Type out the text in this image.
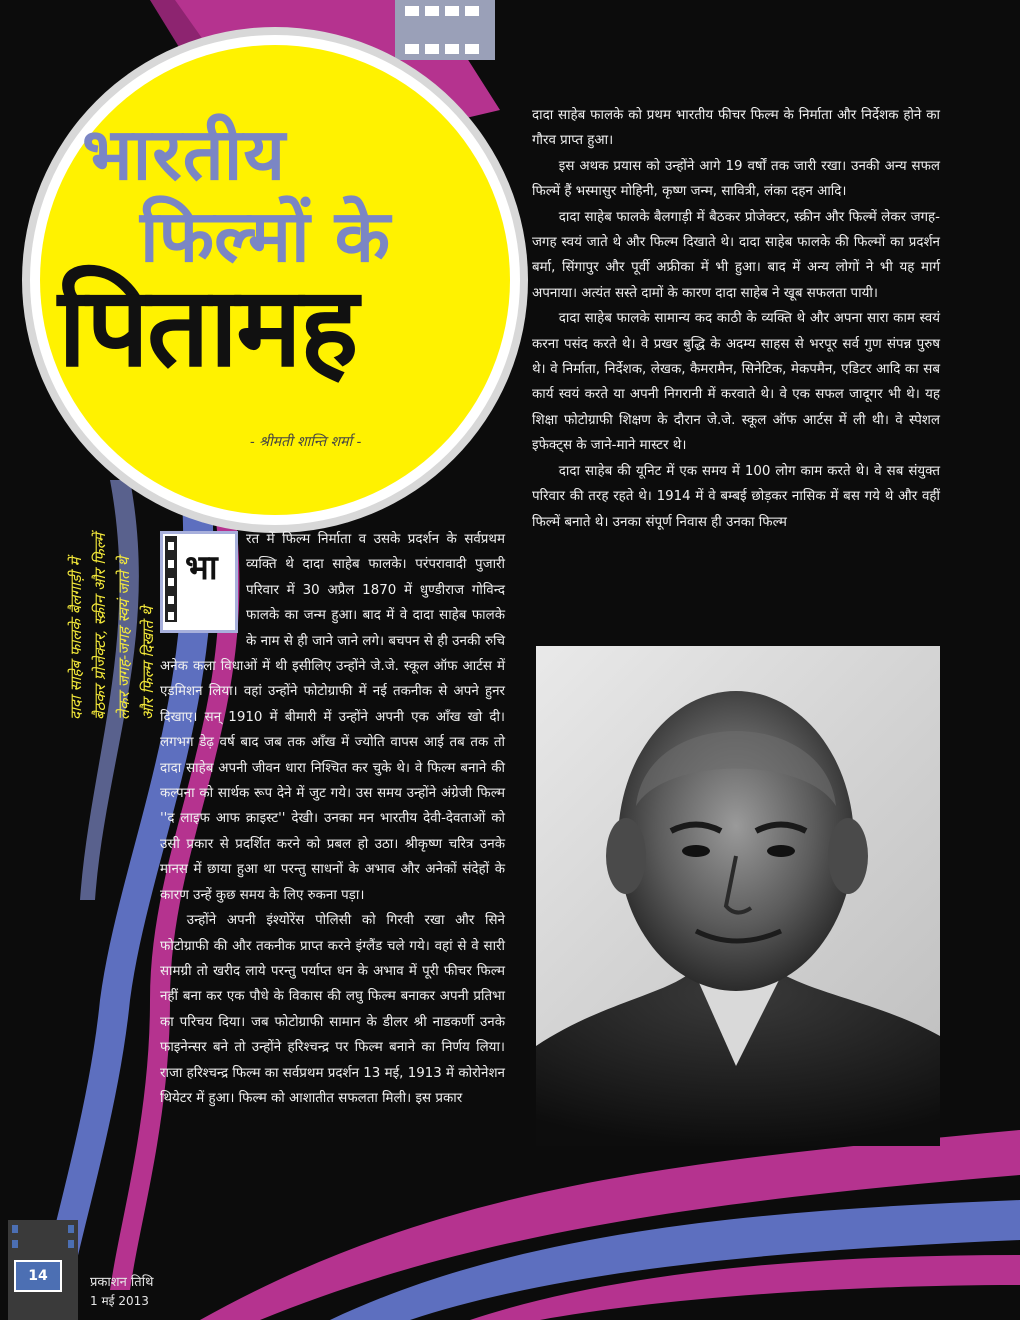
भारतीय
फिल्मों के
पितामह
- श्रीमती शान्ति शर्मा -
दादा साहेब फालके बैलगाड़ी में बैठकर प्रोजेक्टर, स्क्रीन और फिल्में लेकर जगह-जगह स्वयं जाते थे और फिल्म दिखाते थे
भा

रत में फिल्म निर्माता व उसके प्रदर्शन के सर्वप्रथम व्यक्ति थे दादा साहेब फालके। परंपरावादी पुजारी परिवार में 30 अप्रैल 1870 में धुण्डीराज गोविन्द फालके का जन्म हुआ। बाद में वे दादा साहेब फालके के नाम से ही जाने जाने लगे। बचपन से ही उनकी रुचि अनेक कला विधाओं में थी इसीलिए उन्होंने जे.जे. स्कूल ऑफ आर्टस में एडमिशन लिया। वहां उन्होंने फोटोग्राफी में नई तकनीक से अपने हुनर दिखाए। सन् 1910 में बीमारी में उन्होंने अपनी एक आँख खो दी। लगभग डेढ़ वर्ष बाद जब तक आँख में ज्योति वापस आई तब तक तो दादा साहेब अपनी जीवन धारा निश्चित कर चुके थे। वे फिल्म बनाने की कल्पना को सार्थक रूप देने में जुट गये। उस समय उन्होंने अंग्रेजी फिल्म ''द लाइफ आफ क्राइस्ट'' देखी। उनका मन भारतीय देवी-देवताओं को उसी प्रकार से प्रदर्शित करने को प्रबल हो उठा। श्रीकृष्ण चरित्र उनके मानस में छाया हुआ था परन्तु साधनों के अभाव और अनेकों संदेहों के कारण उन्हें कुछ समय के लिए रुकना पड़ा।

उन्होंने अपनी इंश्योरेंस पोलिसी को गिरवी रखा और सिने फोटोग्राफी की और तकनीक प्राप्त करने इंग्लैंड चले गये। वहां से वे सारी सामग्री तो खरीद लाये परन्तु पर्याप्त धन के अभाव में पूरी फीचर फिल्म नहीं बना कर एक पौधे के विकास की लघु फिल्म बनाकर अपनी प्रतिभा का परिचय दिया। जब फोटोग्राफी सामान के डीलर श्री नाडकर्णी उनके फाइनेन्सर बने तो उन्होंने हरिश्चन्द्र पर फिल्म बनाने का निर्णय लिया। राजा हरिश्चन्द्र फिल्म का सर्वप्रथम प्रदर्शन 13 मई, 1913 में कोरोनेशन थियेटर में हुआ। फिल्म को आशातीत सफलता मिली। इस प्रकार

दादा साहेब फालके को प्रथम भारतीय फीचर फिल्म के निर्माता और निर्देशक होने का गौरव प्राप्त हुआ।

इस अथक प्रयास को उन्होंने आगे 19 वर्षों तक जारी रखा। उनकी अन्य सफल फिल्में हैं भस्मासुर मोहिनी, कृष्ण जन्म, सावित्री, लंका दहन आदि।

दादा साहेब फालके बैलगाड़ी में बैठकर प्रोजेक्टर, स्क्रीन और फिल्में लेकर जगह-जगह स्वयं जाते थे और फिल्म दिखाते थे। दादा साहेब फालके की फिल्मों का प्रदर्शन बर्मा, सिंगापुर और पूर्वी अफ्रीका में भी हुआ। बाद में अन्य लोगों ने भी यह मार्ग अपनाया। अत्यंत सस्ते दामों के कारण दादा साहेब ने खूब सफलता पायी।

दादा साहेब फालके सामान्य कद काठी के व्यक्ति थे और अपना सारा काम स्वयं करना पसंद करते थे। वे प्रखर बुद्धि के अदम्य साहस से भरपूर सर्व गुण संपन्न पुरुष थे। वे निर्माता, निर्देशक, लेखक, कैमरामैन, सिनेटिक, मेकपमैन, एडिटर आदि का सब कार्य स्वयं करते या अपनी निगरानी में करवाते थे। वे एक सफल जादूगर भी थे। यह शिक्षा फोटोग्राफी शिक्षण के दौरान जे.जे. स्कूल ऑफ आर्टस में ली थी। वे स्पेशल इफेक्ट्स के जाने-माने मास्टर थे।

दादा साहेब की यूनिट में एक समय में 100 लोग काम करते थे। वे सब संयुक्त परिवार की तरह रहते थे। 1914 में वे बम्बई छोड़कर नासिक में बस गये थे और वहीं फिल्में बनाते थे। उनका संपूर्ण निवास ही उनका फिल्म

14	प्रकाशन तिथि
1 मई 2013
